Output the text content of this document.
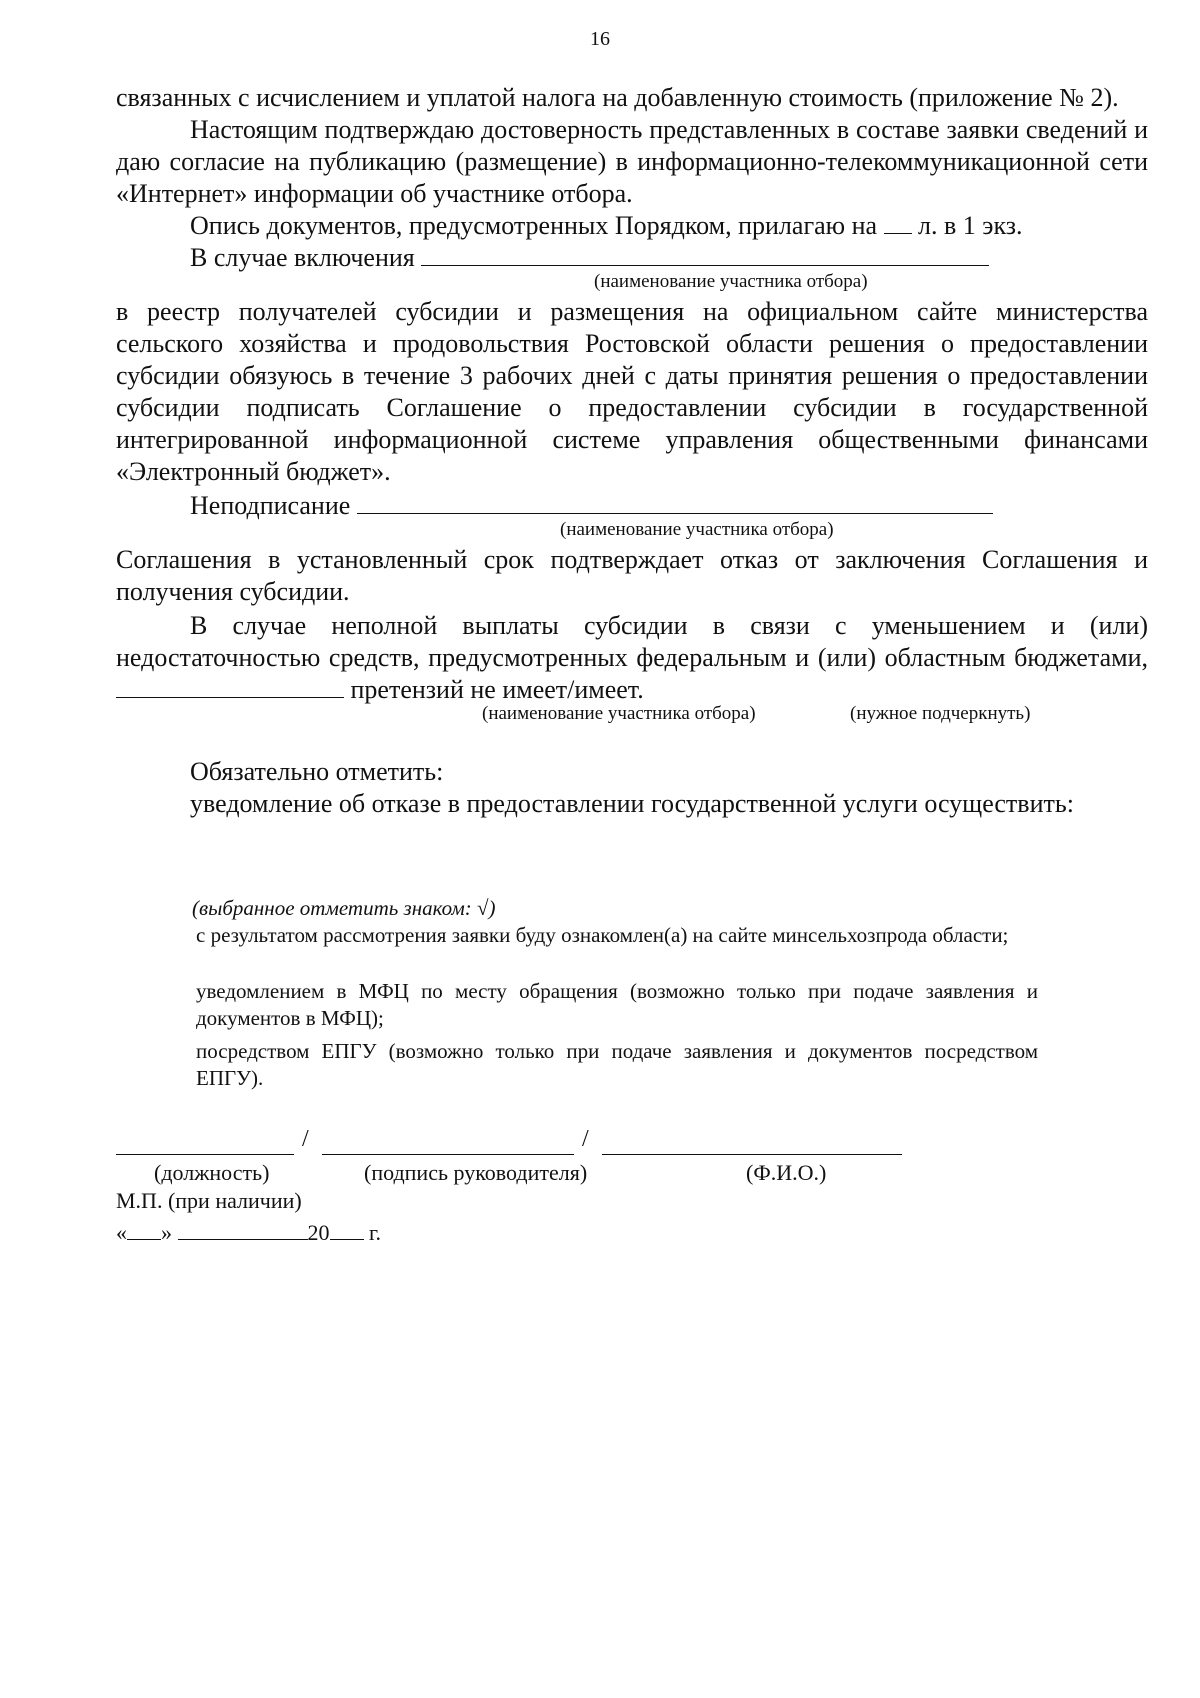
16

связанных с исчислением и уплатой налога на добавленную стоимость (приложение № 2).

Настоящим подтверждаю достоверность представленных в составе заявки сведений и даю согласие на публикацию (размещение) в информационно-телекоммуникационной сети «Интернет» информации об участнике отбора.

Опись документов, предусмотренных Порядком, прилагаю на л. в 1 экз.

В случае включения

(наименование участника отбора)

в реестр получателей субсидии и размещения на официальном сайте министерства сельского хозяйства и продовольствия Ростовской области решения о предоставлении субсидии обязуюсь в течение 3 рабочих дней с даты принятия решения о предоставлении субсидии подписать Соглашение о предоставлении субсидии в государственной интегрированной информационной системе управления общественными финансами «Электронный бюджет».

Неподписание

(наименование участника отбора)

Соглашения в установленный срок подтверждает отказ от заключения Соглашения и получения субсидии.

В случае неполной выплаты субсидии в связи с уменьшением и (или) недостаточностью средств, предусмотренных федеральным и (или) областным бюджетами,  претензий не имеет/имеет.

(наименование участника отбора)	(нужное подчеркнуть)

Обязательно отметить:

уведомление об отказе в предоставлении государственной услуги осуществить:

(выбранное отметить знаком: √)

с результатом рассмотрения заявки буду ознакомлен(а) на сайте минсельхозпрода области;

уведомлением в МФЦ по месту обращения (возможно только при подаче заявления и документов в МФЦ);

посредством ЕПГУ (возможно только при подаче заявления и документов посредством ЕПГУ).

/	/
(должность)	(подпись руководителя)	(Ф.И.О.)
М.П. (при наличии)
« »	20 г.
